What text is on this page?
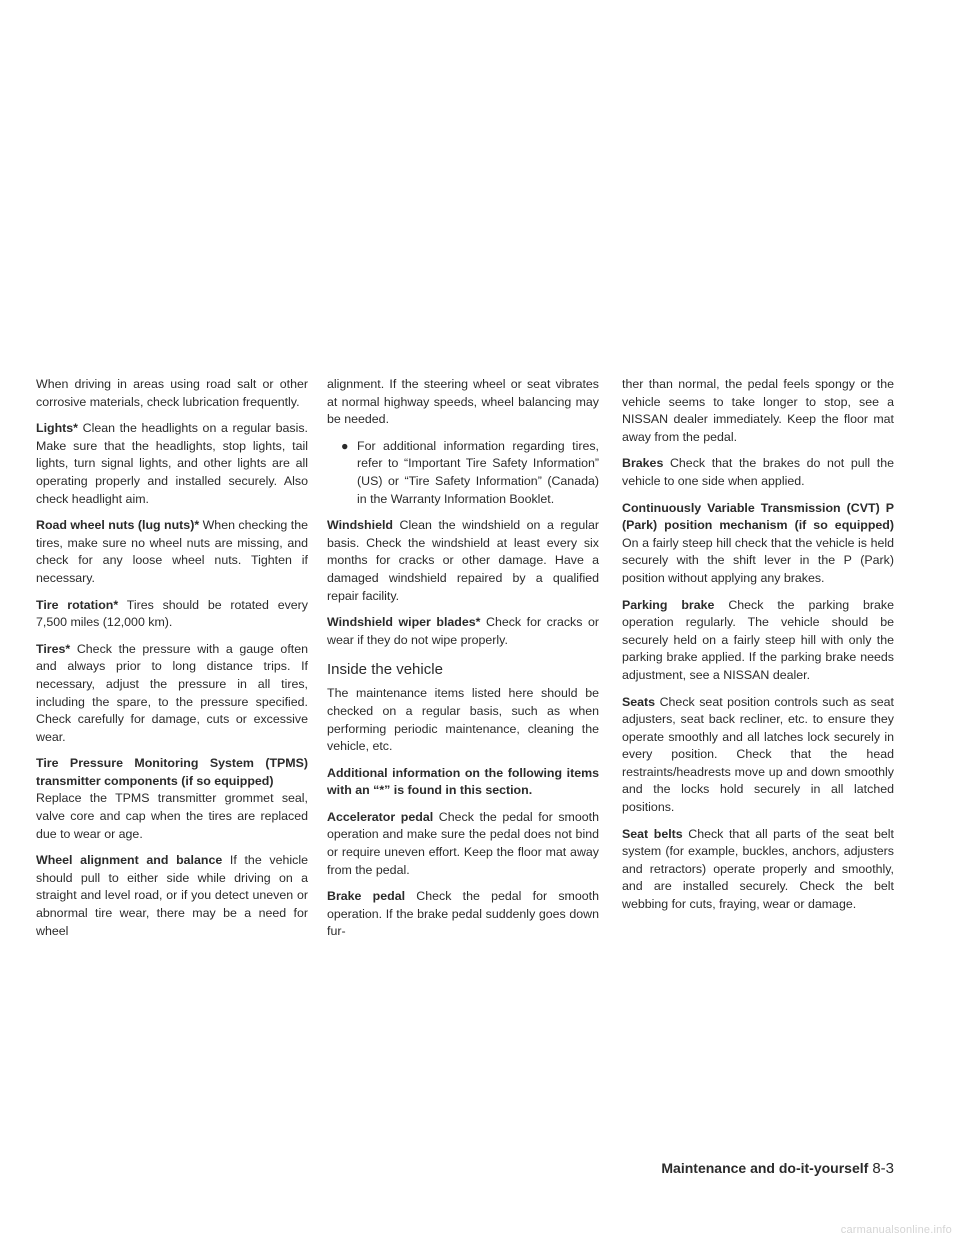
When driving in areas using road salt or other corrosive materials, check lubrication frequently.

Lights* Clean the headlights on a regular basis. Make sure that the headlights, stop lights, tail lights, turn signal lights, and other lights are all operating properly and installed securely. Also check headlight aim.

Road wheel nuts (lug nuts)* When checking the tires, make sure no wheel nuts are missing, and check for any loose wheel nuts. Tighten if necessary.

Tire rotation* Tires should be rotated every 7,500 miles (12,000 km).

Tires* Check the pressure with a gauge often and always prior to long distance trips. If necessary, adjust the pressure in all tires, including the spare, to the pressure specified. Check carefully for damage, cuts or excessive wear.

Tire Pressure Monitoring System (TPMS) transmitter components (if so equipped)
Replace the TPMS transmitter grommet seal, valve core and cap when the tires are replaced due to wear or age.

Wheel alignment and balance If the vehicle should pull to either side while driving on a straight and level road, or if you detect uneven or abnormal tire wear, there may be a need for wheel

alignment. If the steering wheel or seat vibrates at normal highway speeds, wheel balancing may be needed.

● For additional information regarding tires, refer to “Important Tire Safety Information” (US) or “Tire Safety Information” (Canada) in the Warranty Information Booklet.

Windshield Clean the windshield on a regular basis. Check the windshield at least every six months for cracks or other damage. Have a damaged windshield repaired by a qualified repair facility.

Windshield wiper blades* Check for cracks or wear if they do not wipe properly.

Inside the vehicle

The maintenance items listed here should be checked on a regular basis, such as when performing periodic maintenance, cleaning the vehicle, etc.

Additional information on the following items with an “*” is found in this section.

Accelerator pedal Check the pedal for smooth operation and make sure the pedal does not bind or require uneven effort. Keep the floor mat away from the pedal.

Brake pedal Check the pedal for smooth operation. If the brake pedal suddenly goes down fur-

ther than normal, the pedal feels spongy or the vehicle seems to take longer to stop, see a NISSAN dealer immediately. Keep the floor mat away from the pedal.

Brakes Check that the brakes do not pull the vehicle to one side when applied.

Continuously Variable Transmission (CVT) P (Park) position mechanism (if so equipped) On a fairly steep hill check that the vehicle is held securely with the shift lever in the P (Park) position without applying any brakes.

Parking brake Check the parking brake operation regularly. The vehicle should be securely held on a fairly steep hill with only the parking brake applied. If the parking brake needs adjustment, see a NISSAN dealer.

Seats Check seat position controls such as seat adjusters, seat back recliner, etc. to ensure they operate smoothly and all latches lock securely in every position. Check that the head restraints/headrests move up and down smoothly and the locks hold securely in all latched positions.

Seat belts Check that all parts of the seat belt system (for example, buckles, anchors, adjusters and retractors) operate properly and smoothly, and are installed securely. Check the belt webbing for cuts, fraying, wear or damage.

Maintenance and do-it-yourself 8-3
carmanualsonline.info
